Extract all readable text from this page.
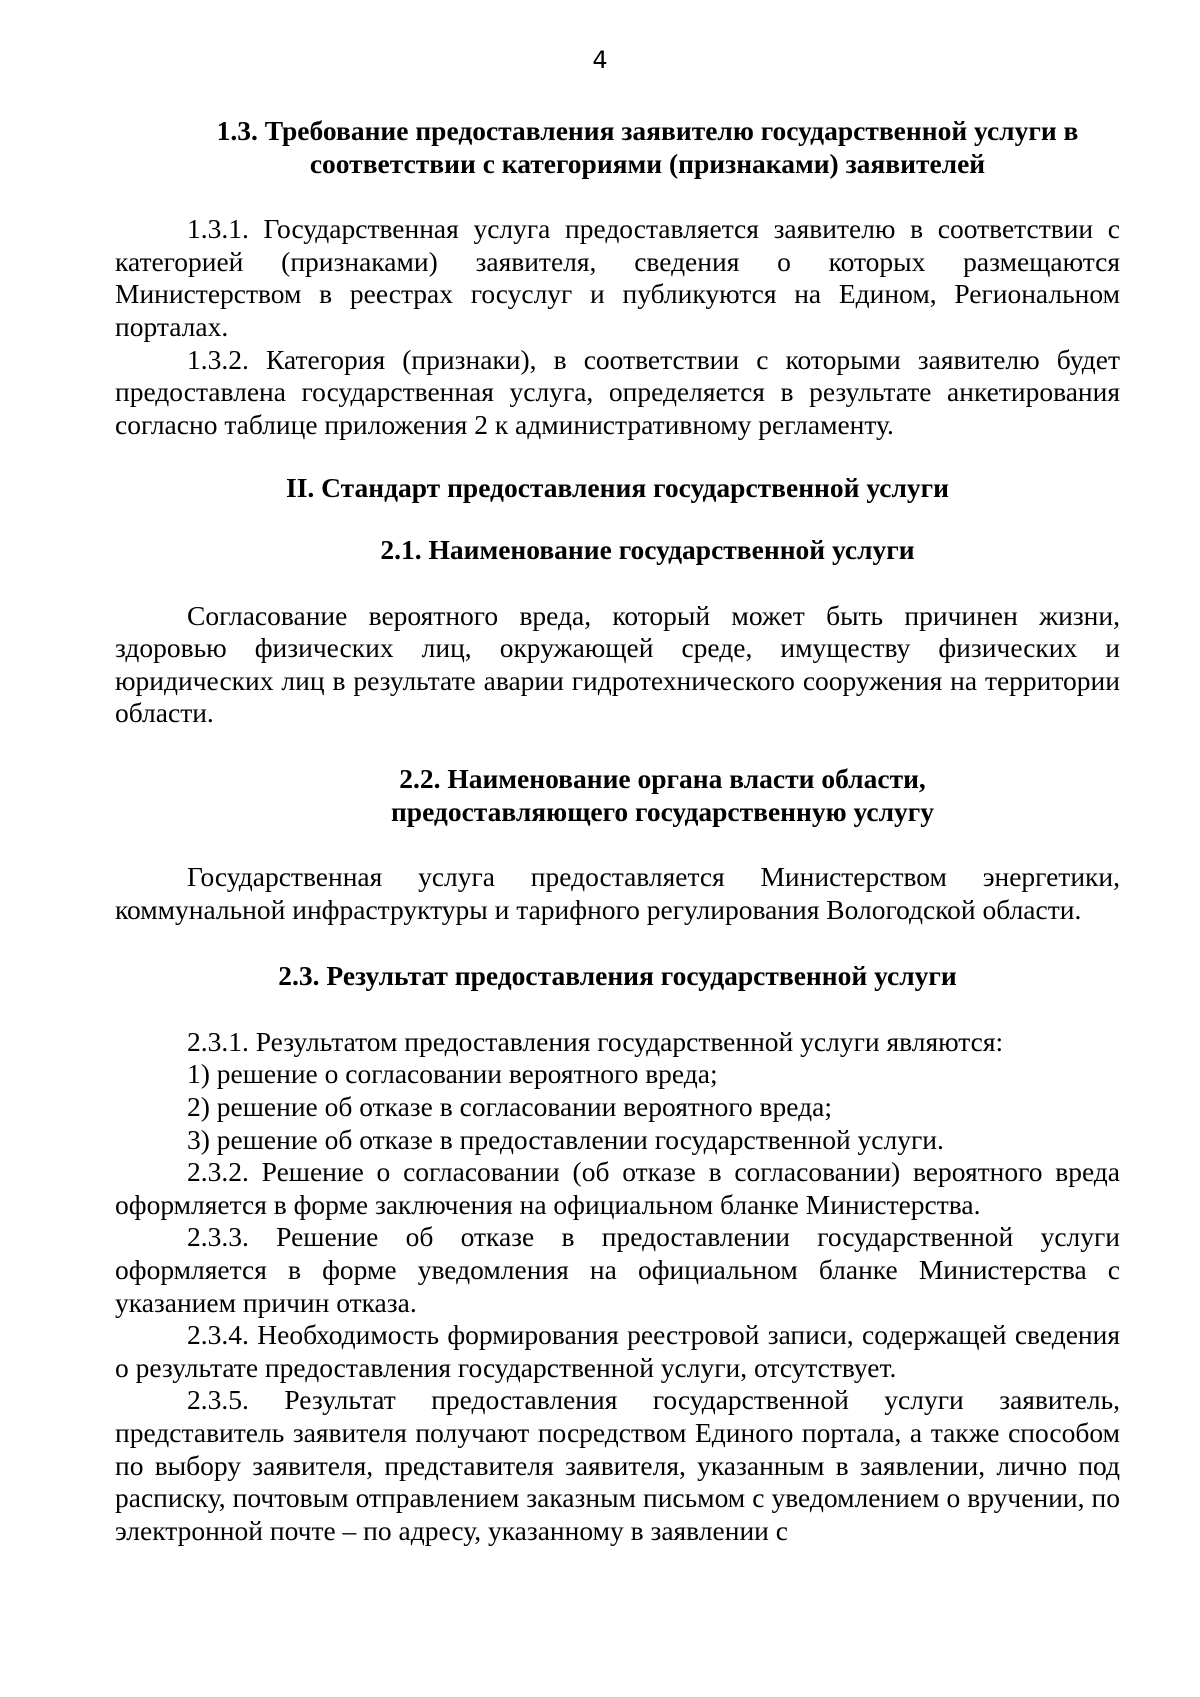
4
1.3. Требование предоставления заявителю государственной услуги в
соответствии с категориями (признаками) заявителей

1.3.1. Государственная услуга предоставляется заявителю в соответствии с категорией (признаками) заявителя, сведения о которых размещаются Министерством в реестрах госуслуг и публикуются на Едином, Региональном порталах.

1.3.2. Категория (признаки), в соответствии с которыми заявителю будет предоставлена государственная услуга, определяется в результате анкетирования согласно таблице приложения 2 к административному регламенту.

II. Стандарт предоставления государственной услуги
2.1. Наименование государственной услуги

Согласование вероятного вреда, который может быть причинен жизни, здоровью физических лиц, окружающей среде, имуществу физических и юридических лиц в результате аварии гидротехнического сооружения на территории области.

2.2. Наименование органа власти области,
предоставляющего государственную услугу

Государственная услуга предоставляется Министерством энергетики, коммунальной инфраструктуры и тарифного регулирования Вологодской области.

2.3. Результат предоставления государственной услуги

2.3.1. Результатом предоставления государственной услуги являются:

1) решение о согласовании вероятного вреда;

2) решение об отказе в согласовании вероятного вреда;

3) решение об отказе в предоставлении государственной услуги.

2.3.2. Решение о согласовании (об отказе в согласовании) вероятного вреда оформляется в форме заключения на официальном бланке Министерства.

2.3.3. Решение об отказе в предоставлении государственной услуги оформляется в форме уведомления на официальном бланке Министерства с указанием причин отказа.

2.3.4. Необходимость формирования реестровой записи, содержащей сведения о результате предоставления государственной услуги, отсутствует.

2.3.5. Результат предоставления государственной услуги заявитель, представитель заявителя получают посредством Единого портала, а также способом по выбору заявителя, представителя заявителя, указанным в заявлении, лично под расписку, почтовым отправлением заказным письмом с уведомлением о вручении, по электронной почте – по адресу, указанному в заявлении с
